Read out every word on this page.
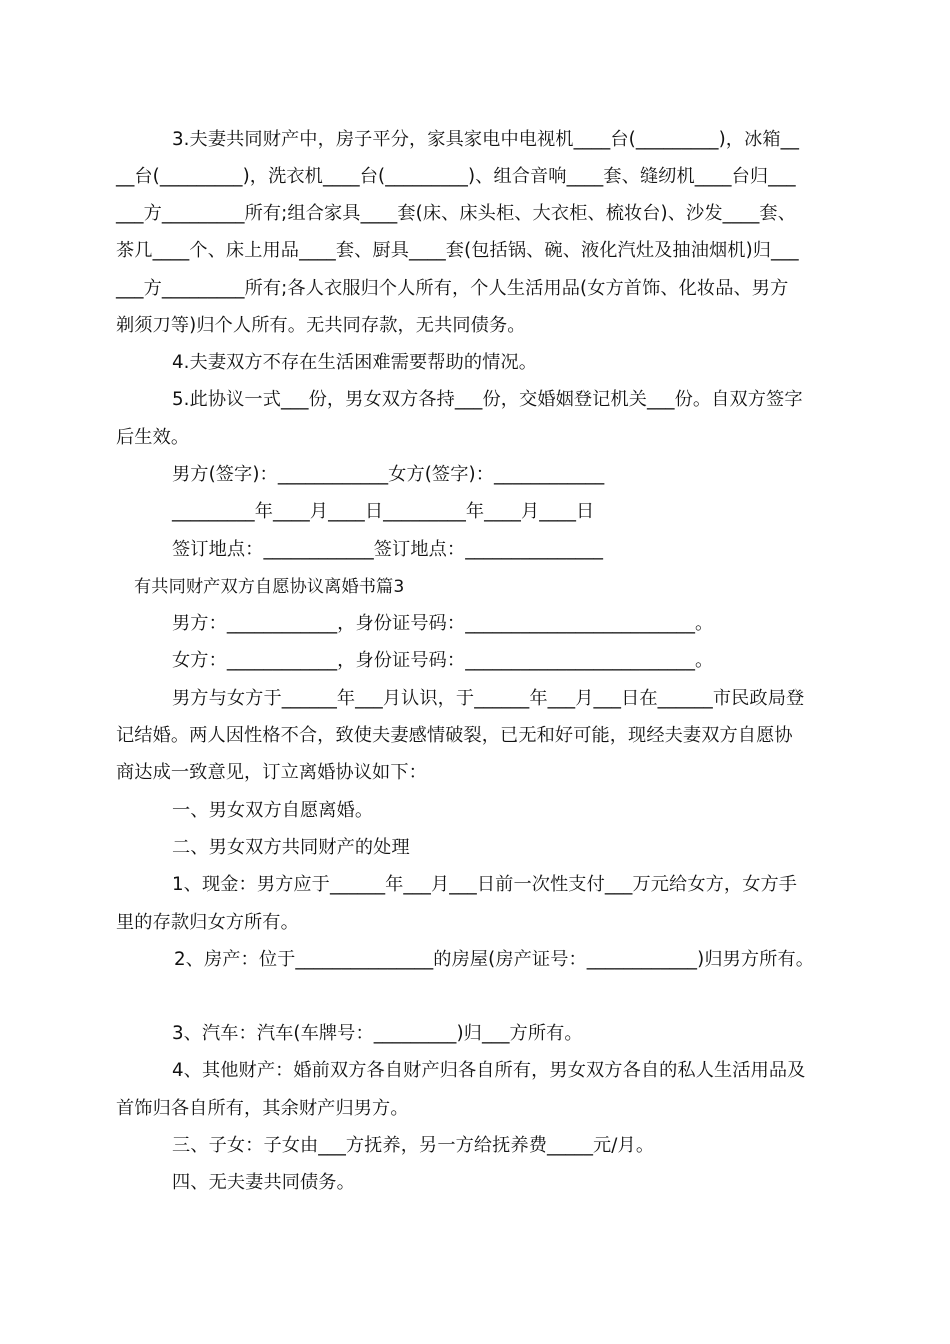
3.夫妻共同财产中，房子平分，家具家电中电视机____台(_________)，冰箱__
__台(_________)，洗衣机____台(_________)、组合音响____套、缝纫机____台归___
___方_________所有;组合家具____套(床、床头柜、大衣柜、梳妆台)、沙发____套、
茶几____个、床上用品____套、厨具____套(包括锅、碗、液化汽灶及抽油烟机)归___
___方_________所有;各人衣服归个人所有，个人生活用品(女方首饰、化妆品、男方
剃须刀等)归个人所有。无共同存款，无共同债务。
4.夫妻双方不存在生活困难需要帮助的情况。
5.此协议一式___份，男女双方各持___份，交婚姻登记机关___份。自双方签字
后生效。
男方(签字)：____________女方(签字)：____________
_________年____月____日_________年____月____日
签订地点：____________签订地点：_______________
有共同财产双方自愿协议离婚书篇3
男方：____________，身份证号码：_________________________。
女方：____________，身份证号码：_________________________。
男方与女方于______年___月认识，于______年___月___日在______市民政局登
记结婚。两人因性格不合，致使夫妻感情破裂，已无和好可能，现经夫妻双方自愿协
商达成一致意见，订立离婚协议如下：
一、男女双方自愿离婚。
二、男女双方共同财产的处理
1、现金：男方应于______年___月___日前一次性支付___万元给女方，女方手
里的存款归女方所有。
2、房产：位于_______________的房屋(房产证号：____________)归男方所有。
3、汽车：汽车(车牌号：_________)归___方所有。
4、其他财产：婚前双方各自财产归各自所有，男女双方各自的私人生活用品及
首饰归各自所有，其余财产归男方。
三、子女：子女由___方抚养，另一方给抚养费_____元/月。
四、无夫妻共同债务。
